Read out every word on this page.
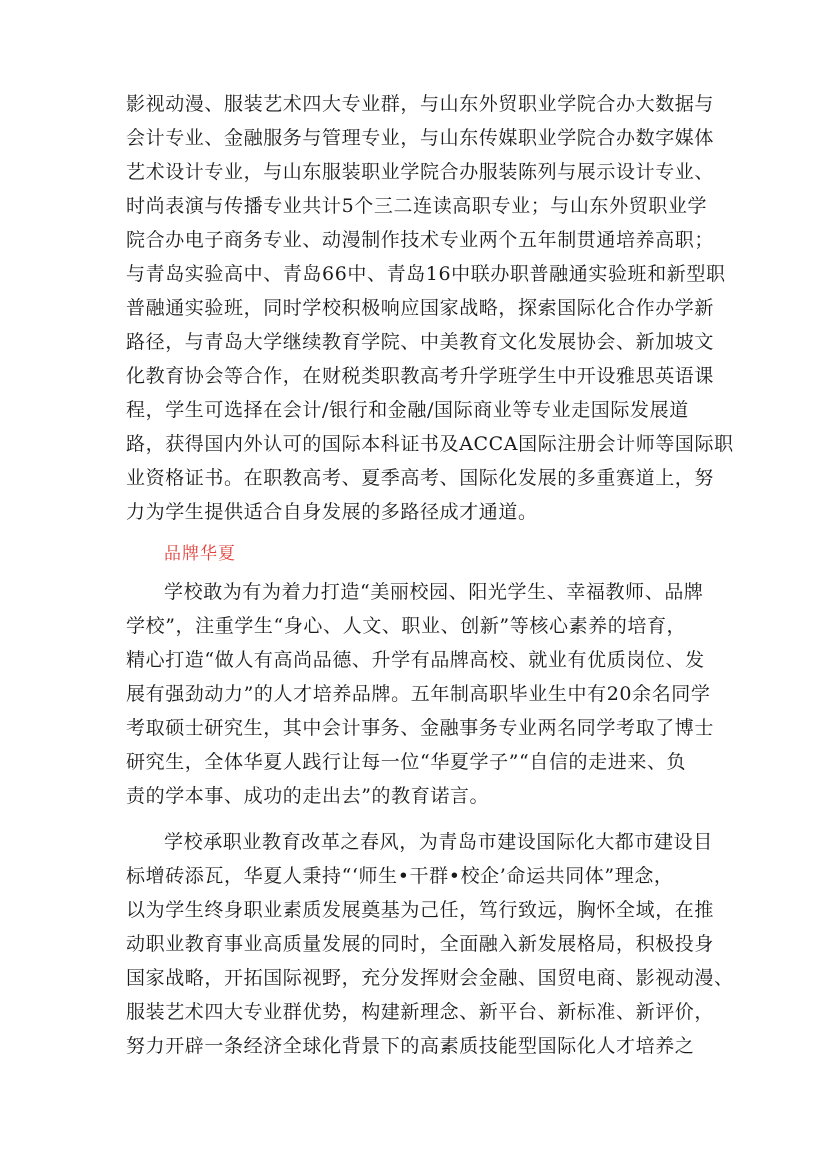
影视动漫、服装艺术四大专业群，与山东外贸职业学院合办大数据与
会计专业、金融服务与管理专业，与山东传媒职业学院合办数字媒体
艺术设计专业，与山东服装职业学院合办服装陈列与展示设计专业、
时尚表演与传播专业共计5个三二连读高职专业；与山东外贸职业学
院合办电子商务专业、动漫制作技术专业两个五年制贯通培养高职；
与青岛实验高中、青岛66中、青岛16中联办职普融通实验班和新型职
普融通实验班，同时学校积极响应国家战略，探索国际化合作办学新
路径，与青岛大学继续教育学院、中美教育文化发展协会、新加坡文
化教育协会等合作，在财税类职教高考升学班学生中开设雅思英语课
程，学生可选择在会计/银行和金融/国际商业等专业走国际发展道
路，获得国内外认可的国际本科证书及ACCA国际注册会计师等国际职
业资格证书。在职教高考、夏季高考、国际化发展的多重赛道上，努
力为学生提供适合自身发展的多路径成才通道。
品牌华夏
学校敢为有为着力打造“美丽校园、阳光学生、幸福教师、品牌
学校”，注重学生“身心、人文、职业、创新”等核心素养的培育，
精心打造“做人有高尚品德、升学有品牌高校、就业有优质岗位、发
展有强劲动力”的人才培养品牌。五年制高职毕业生中有20余名同学
考取硕士研究生，其中会计事务、金融事务专业两名同学考取了博士
研究生，全体华夏人践行让每一位“华夏学子”“自信的走进来、负
责的学本事、成功的走出去”的教育诺言。
学校承职业教育改革之春风，为青岛市建设国际化大都市建设目
标增砖添瓦，华夏人秉持“‘师生•干群•校企’命运共同体”理念，
以为学生终身职业素质发展奠基为己任，笃行致远，胸怀全域，在推
动职业教育事业高质量发展的同时，全面融入新发展格局，积极投身
国家战略，开拓国际视野，充分发挥财会金融、国贸电商、影视动漫、
服装艺术四大专业群优势，构建新理念、新平台、新标准、新评价，
努力开辟一条经济全球化背景下的高素质技能型国际化人才培养之
